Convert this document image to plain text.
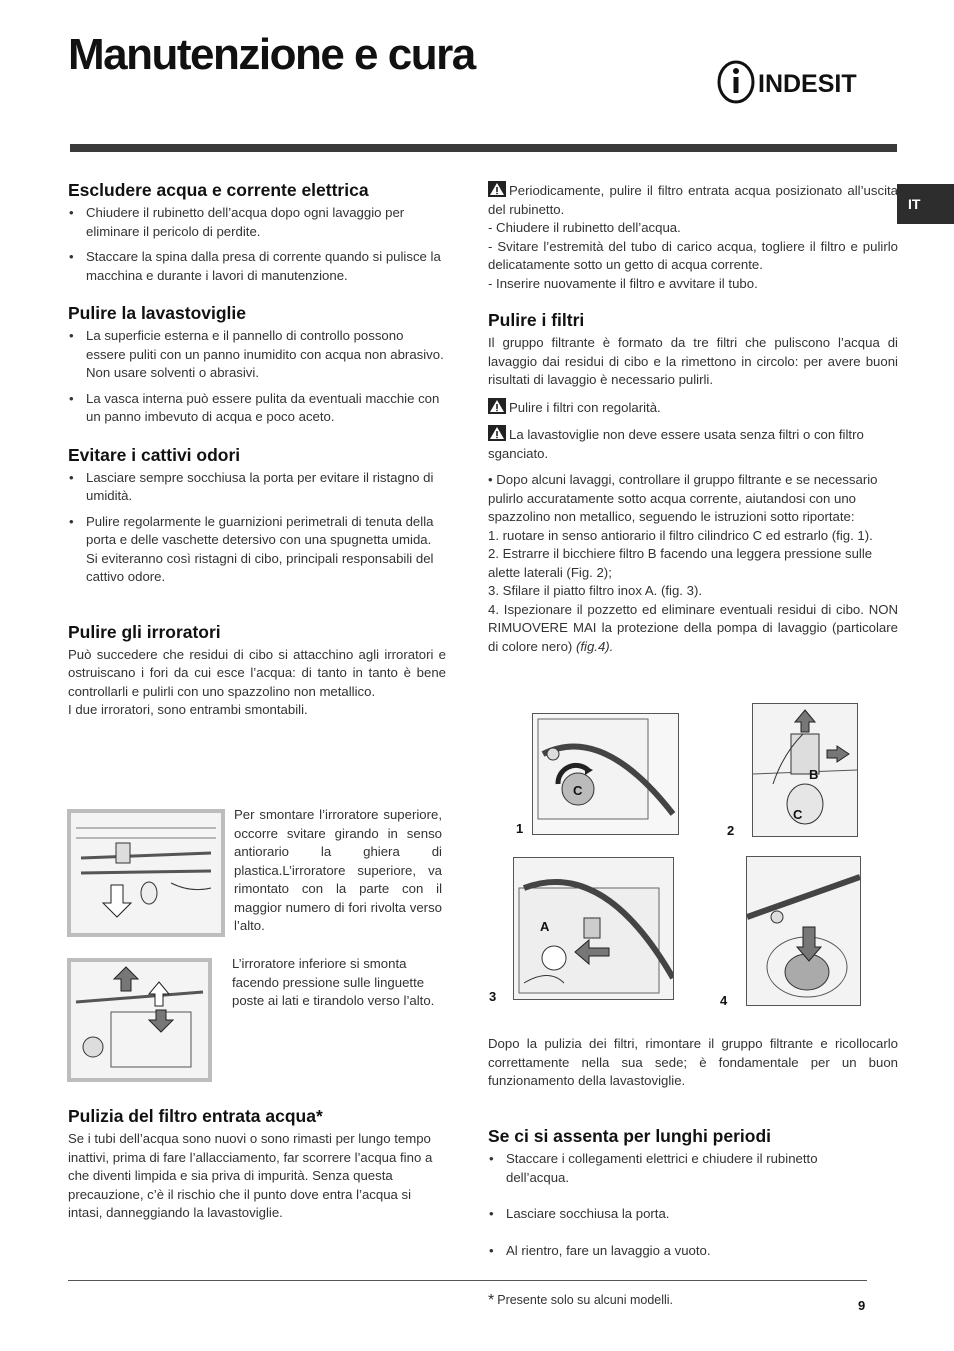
Manutenzione e cura
INDESIT
IT
Escludere acqua e corrente elettrica
• Chiudere il rubinetto dell’acqua dopo ogni lavaggio per eliminare il pericolo di perdite.
• Staccare la spina dalla presa di corrente quando si pulisce la macchina e durante i lavori di manutenzione.
Pulire la lavastoviglie
• La superficie esterna e il pannello di controllo possono essere puliti con un panno inumidito con acqua non abrasivo. Non usare solventi o abrasivi.
• La vasca interna può essere pulita da eventuali macchie con un panno imbevuto di acqua e poco aceto.
Evitare i cattivi odori
• Lasciare sempre socchiusa la porta per evitare il ristagno di umidità.
• Pulire regolarmente le guarnizioni perimetrali di tenuta della porta e delle vaschette detersivo con una spugnetta umida. Si eviteranno così ristagni di cibo, principali responsabili del cattivo odore.
Pulire gli irroratori

Può succedere che residui di cibo si attacchino agli irroratori e ostruiscano i fori da cui esce l’acqua: di tanto in tanto è bene controllarli e pulirli con uno spazzolino non metallico.

I due irroratori, sono entrambi smontabili.

Per smontare l’irroratore superiore, occorre svitare girando in senso antiorario la ghiera di plastica.L’irroratore superiore, va rimontato con la parte con il maggior numero di fori rivolta verso l’alto.
L’irroratore inferiore si smonta facendo pressione sulle linguette poste ai lati e tirandolo verso l’alto.
Pulizia del filtro entrata acqua*

Se i tubi dell’acqua sono nuovi o sono rimasti per lungo tempo inattivi, prima di fare l’allacciamento, far scorrere l’acqua fino a che diventi limpida e sia priva di impurità. Senza questa precauzione, c’è il rischio che il punto dove entra l’acqua si intasi, danneggiando la lavastoviglie.

Periodicamente, pulire il filtro entrata acqua posizionato all’uscita del rubinetto.

- Chiudere il rubinetto dell’acqua.

- Svitare l’estremità del tubo di carico acqua, togliere il filtro e pulirlo delicatamente sotto un getto di acqua corrente.

- Inserire nuovamente il filtro e avvitare il tubo.

Pulire i filtri

Il gruppo filtrante è formato da tre filtri che puliscono l’acqua di lavaggio dai residui di cibo e la rimettono in circolo: per avere buoni risultati di lavaggio è necessario pulirli.

Pulire i filtri con regolarità.

La lavastoviglie non deve essere usata senza filtri o con filtro sganciato.

• Dopo alcuni lavaggi, controllare il gruppo filtrante e se necessario pulirlo accuratamente sotto acqua corrente, aiutandosi con uno spazzolino non metallico, seguendo le istruzioni sotto riportate:

1. ruotare in senso antiorario il filtro cilindrico C ed estrarlo (fig. 1).

2. Estrarre il bicchiere filtro B facendo una leggera pressione sulle alette laterali (Fig. 2);

3. Sfilare il piatto filtro inox A. (fig. 3).

4. Ispezionare il pozzetto ed eliminare eventuali residui di cibo. NON RIMUOVERE MAI la protezione della pompa di lavaggio (particolare di colore nero) (fig.4).

C
1
B
C
2
A
3	4

Dopo la pulizia dei filtri, rimontare il gruppo filtrante e ricollocarlo correttamente nella sua sede; è fondamentale per un buon funzionamento della lavastoviglie.

Se ci si assenta per lunghi periodi
• Staccare i collegamenti elettrici e chiudere il rubinetto dell’acqua.
• Lasciare socchiusa la porta.
• Al rientro, fare un lavaggio a vuoto.
* Presente solo su alcuni modelli.	9
